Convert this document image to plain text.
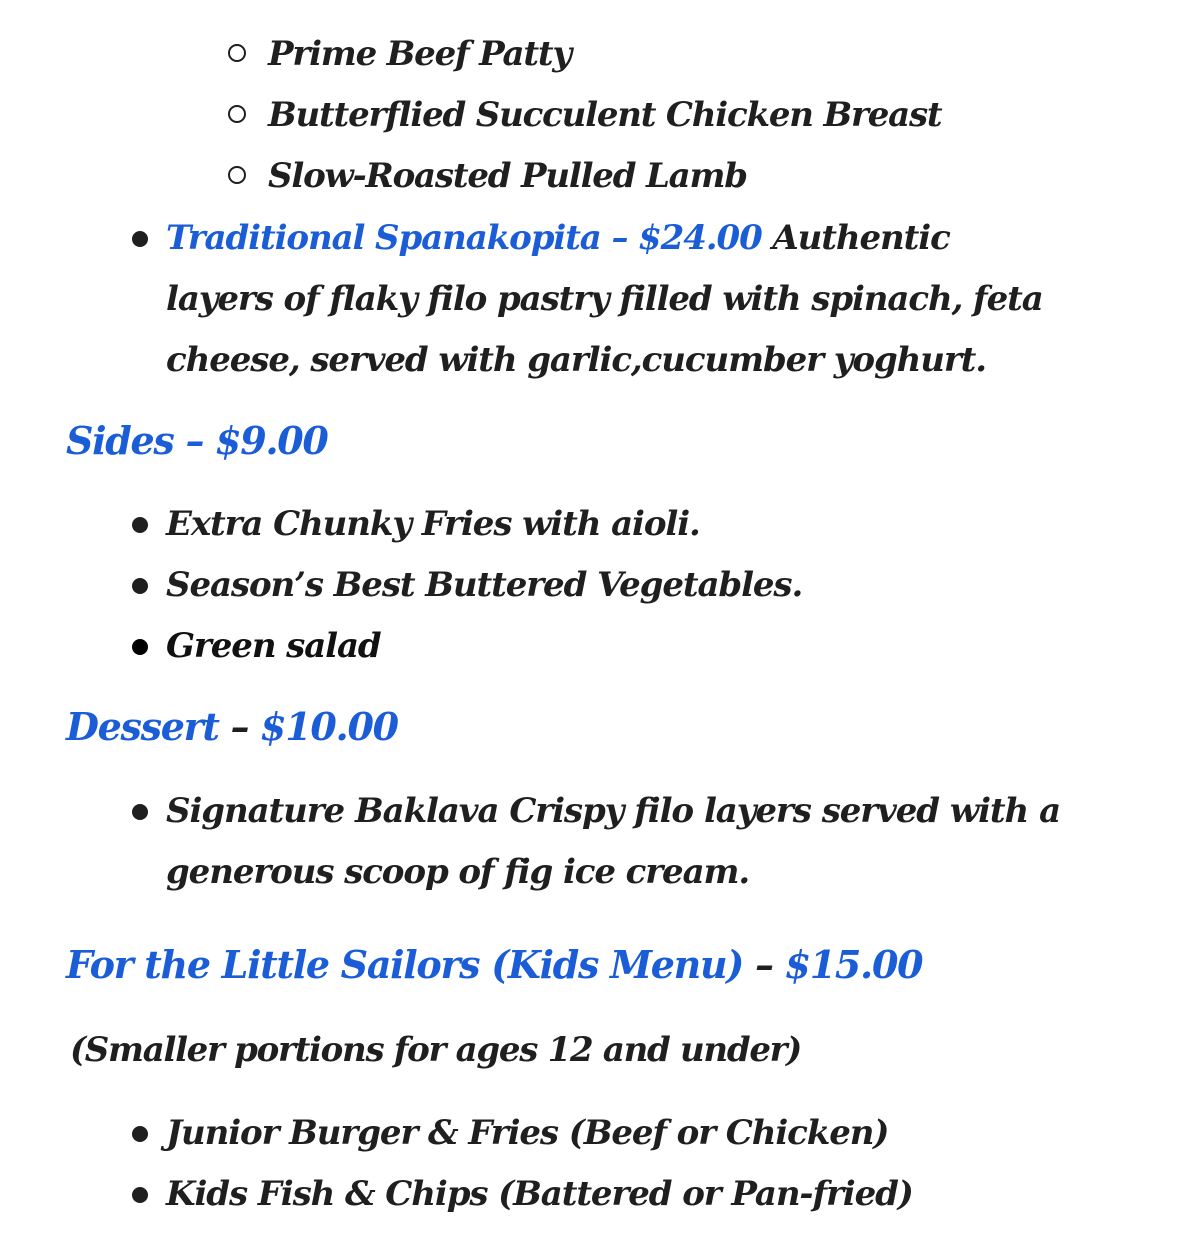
Prime Beef Patty
Butterflied Succulent Chicken Breast
Slow-Roasted Pulled Lamb
Traditional Spanakopita – $24.00 Authentic layers of flaky filo pastry filled with spinach, feta cheese, served with garlic,cucumber yoghurt.
Sides – $9.00
Extra Chunky Fries with aioli.
Season’s Best Buttered Vegetables.
Green salad
Dessert – $10.00
Signature Baklava Crispy filo layers served with a generous scoop of fig ice cream.
For the Little Sailors (Kids Menu) – $15.00
(Smaller portions for ages 12 and under)
Junior Burger & Fries (Beef or Chicken)
Kids Fish & Chips (Battered or Pan-fried)
